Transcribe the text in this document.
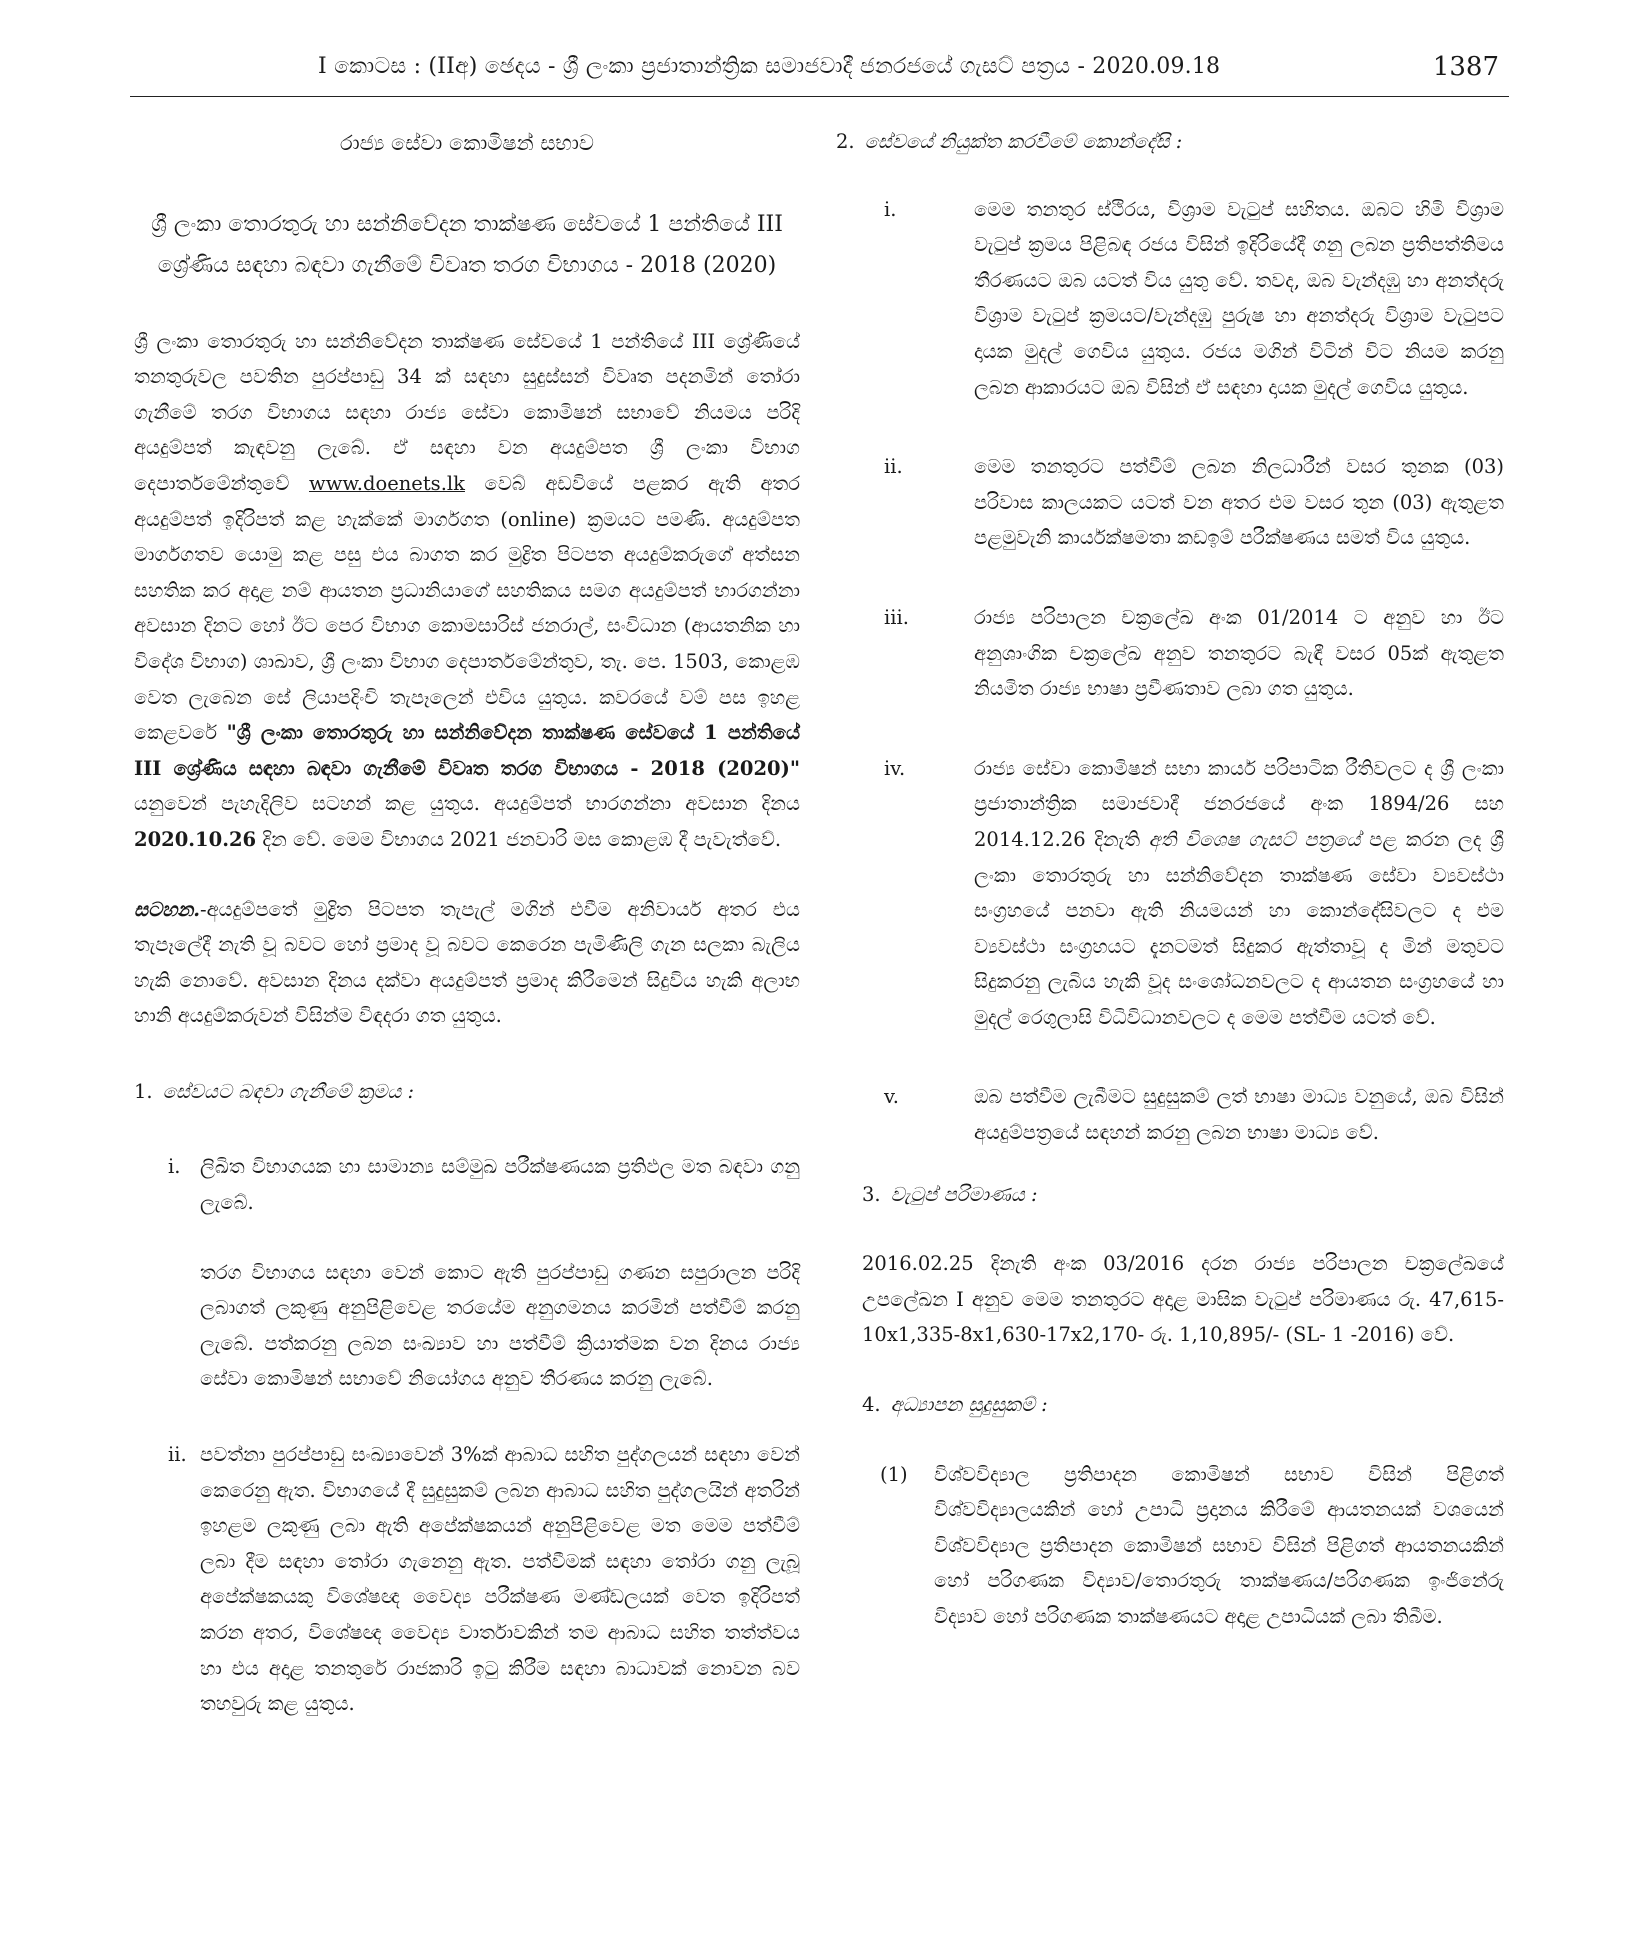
I කොටස : (IIඅ) ඡෙදය - ශ්‍රී ලංකා ප්‍රජාතාන්ත්‍රික සමාජවාදී ජනරජයේ ගැසට් පත්‍රය - 2020.09.18	1387

රාජ්‍ය සේවා කොමිෂන් සභාව

ශ්‍රී ලංකා තොරතුරු හා සන්නිවේදන තාක්ෂණ සේවයේ 1 පන්තියේ III ශ්‍රේණිය සඳහා බඳවා ගැනීමේ විවෘත තරග විභාගය - 2018 (2020)

ශ්‍රී ලංකා තොරතුරු හා සන්නිවේදන තාක්ෂණ සේවයේ 1 පන්තියේ III ශ්‍රේණියේ තනතුරුවල පවතින පුරප්පාඩු 34 ක් සඳහා සුදුස්සන් විවෘත පදනමින් තෝරා ගැනීමේ තරග විභාගය සඳහා රාජ්‍ය සේවා කොමිෂන් සභාවේ නියමය පරිදි අයදුම්පත් කැඳවනු ලැබේ. ඒ සඳහා වන අයදුම්පත ශ්‍රී ලංකා විභාග දෙපාර්තමේන්තුවේ www.doenets.lk වෙබ් අඩවියේ පළකර ඇති අතර අයදුම්පත් ඉදිරිපත් කළ හැක්කේ මාර්ගගත (online) ක්‍රමයට පමණි. අයදුම්පත මාර්ගගතව යොමු කළ පසු එය බාගත කර මුද්‍රිත පිටපත අයදුම්කරුගේ අත්සන සහතික කර අදාළ නම් ආයතන ප්‍රධානියාගේ සහතිකය සමග අයදුම්පත් භාරගන්නා අවසාන දිනට හෝ ඊට පෙර විභාග කොමසාරිස් ජනරාල්, සංවිධාන (ආයතනික හා විදේශ විභාග) ශාඛාව, ශ්‍රී ලංකා විභාග දෙපාර්තමේන්තුව, තැ. පෙ. 1503, කොළඹ වෙත ලැබෙන සේ ලියාපදිංචි තැපෑලෙන් එවිය යුතුය. කවරයේ වම් පස ඉහළ කෙළවරේ "ශ්‍රී ලංකා තොරතුරු හා සන්නිවේදන තාක්ෂණ සේවයේ 1 පන්තියේ III ශ්‍රේණිය සඳහා බඳවා ගැනීමේ විවෘත තරග විභාගය - 2018 (2020)" යනුවෙන් පැහැදිලිව සටහන් කළ යුතුය. අයදුම්පත් භාරගන්නා අවසාන දිනය 2020.10.26 දින වේ. මෙම විභාගය 2021 ජනවාරි මස කොළඹ දී පැවැත්වේ.

සටහන.-අයදුම්පතේ මුද්‍රිත පිටපත තැපැල් මගින් එවීම අනිවාර්ය අතර එය තැපෑලේදී නැති වූ බවට හෝ ප්‍රමාද වූ බවට කෙරෙන පැමිණිලි ගැන සලකා බැලිය හැකි නොවේ. අවසාන දිනය දක්වා අයදුම්පත් ප්‍රමාද කිරීමෙන් සිදුවිය හැකි අලාභ හානි අයදුම්කරුවන් විසින්ම විඳදරා ගත යුතුය.

1. සේවයට බඳවා ගැනීමේ ක්‍රමය :
i.	ලිඛිත විභාගයක හා සාමාන්‍ය සම්මුඛ පරීක්ෂණයක ප්‍රතිඵල මත බඳවා ගනු ලැබේ.

තරග විභාගය සඳහා වෙන් කොට ඇති පුරප්පාඩු ගණන සපුරාලන පරිදි ලබාගත් ලකුණු අනුපිළිවෙළ තරයේම අනුගමනය කරමින් පත්වීම් කරනු ලැබේ. පත්කරනු ලබන සංඛ්‍යාව හා පත්වීම් ක්‍රියාත්මක වන දිනය රාජ්‍ය සේවා කොමිෂන් සභාවේ නියෝගය අනුව තීරණය කරනු ලැබේ.

ii. පවත්නා පුරප්පාඩු සංඛ්‍යාවෙන් 3%ක් ආබාධ සහිත පුද්ගලයන් සඳහා වෙන් කෙරෙනු ඇත. විභාගයේ දී සුදුසුකම් ලබන ආබාධ සහිත පුද්ගලයින් අතරින් ඉහළම ලකුණු ලබා ඇති අපේක්ෂකයන් අනුපිළිවෙළ මත මෙම පත්වීම් ලබා දීම සඳහා තෝරා ගැනෙනු ඇත. පත්වීමක් සඳහා තෝරා ගනු ලැබූ අපේක්ෂකයකු විශේෂඥ වෛද්‍ය පරීක්ෂණ මණ්ඩලයක් වෙත ඉදිරිපත් කරන අතර, විශේෂඥ වෛද්‍ය වාර්තාවකින් තම ආබාධ සහිත තත්ත්වය හා එය අදාළ තනතුරේ රාජකාරි ඉටු කිරීම සඳහා බාධාවක් නොවන බව තහවුරු කළ යුතුය.
2. සේවයේ නියුක්ත කරවීමේ කොන්දේසි :
i.	මෙම තනතුර ස්ථිරය, විශ්‍රාම වැටුප් සහිතය. ඔබට හිමි විශ්‍රාම වැටුප් ක්‍රමය පිළිබඳ රජය විසින් ඉදිරියේදී ගනු ලබන ප්‍රතිපත්තිමය තීරණයට ඔබ යටත් විය යුතු වේ. තවද, ඔබ වැන්දඹු හා අනත්දරු විශ්‍රාම වැටුප් ක්‍රමයට/වැන්දඹු පුරුෂ හා අනත්දරු විශ්‍රාම වැටුපට දායක මුදල් ගෙවිය යුතුය. රජය මගින් විටින් විට නියම කරනු ලබන ආකාරයට ඔබ විසින් ඒ සඳහා දායක මුදල් ගෙවිය යුතුය.
ii.	මෙම තනතුරට පත්වීම් ලබන නිලධාරීන් වසර තුනක (03) පරිවාස කාලයකට යටත් වන අතර එම වසර තුන (03) ඇතුළත පළමුවැනි කාර්යක්ෂමතා කඩඉම් පරීක්ෂණය සමත් විය යුතුය.
iii.	රාජ්‍ය පරිපාලන චක්‍රලේඛ අංක 01/2014 ට අනුව හා ඊට අනුශාංගික චක්‍රලේඛ අනුව තනතුරට බැඳී වසර 05ක් ඇතුළත නියමිත රාජ්‍ය භාෂා ප්‍රවීණතාව ලබා ගත යුතුය.
iv.	රාජ්‍ය සේවා කොමිෂන් සභා කාර්ය පරිපාටික රීතිවලට ද ශ්‍රී ලංකා ප්‍රජාතාන්ත්‍රික සමාජවාදී ජනරජයේ අංක 1894/26 සහ 2014.12.26 දිනැති අති විශෙෂ ගැසට් පත්‍රයේ පළ කරන ලද ශ්‍රී ලංකා තොරතුරු හා සන්නිවේදන තාක්ෂණ සේවා ව්‍යවස්ථා සංග්‍රහයේ පනවා ඇති නියමයන් හා කොන්දේසිවලට ද එම ව්‍යවස්ථා සංග්‍රහයට දැනටමත් සිදුකර ඇත්තාවූ ද මින් මතුවට සිදුකරනු ලැබිය හැකි වූද සංශෝධනවලට ද ආයතන සංග්‍රහයේ හා මුදල් රෙගුලාසි විධිවිධානවලට ද මෙම පත්වීම යටත් වේ.
v.	ඔබ පත්වීම ලැබීමට සුදුසුකම් ලත් භාෂා මාධ්‍ය වනුයේ, ඔබ විසින් අයදුම්පත්‍රයේ සඳහන් කරනු ලබන භාෂා මාධ්‍ය වේ.
3. වැටුප් පරිමාණය :

2016.02.25 දිනැති අංක 03/2016 දරන රාජ්‍ය පරිපාලන චක්‍රලේඛයේ උපලේඛන I අනුව මෙම තනතුරට අදාළ මාසික වැටුප් පරිමාණය රු. 47,615-10x1,335-8x1,630-17x2,170- රු. 1,10,895/- (SL- 1 -2016) වේ.

4. අධ්‍යාපන සුදුසුකම් :
(1)	විශ්වවිද්‍යාල ප්‍රතිපාදන කොමිෂන් සභාව විසින් පිළිගත් විශ්වවිද්‍යාලයකින් හෝ උපාධි ප්‍රදානය කිරීමේ ආයතනයක් වශයෙන් විශ්වවිද්‍යාල ප්‍රතිපාදන කොමිෂන් සභාව විසින් පිළිගත් ආයතනයකින් හෝ පරිගණක විද්‍යාව/තොරතුරු තාක්ෂණය/පරිගණක ඉංජිනේරු විද්‍යාව හෝ පරිගණක තාක්ෂණයට අදාළ උපාධියක් ලබා තිබීම.
